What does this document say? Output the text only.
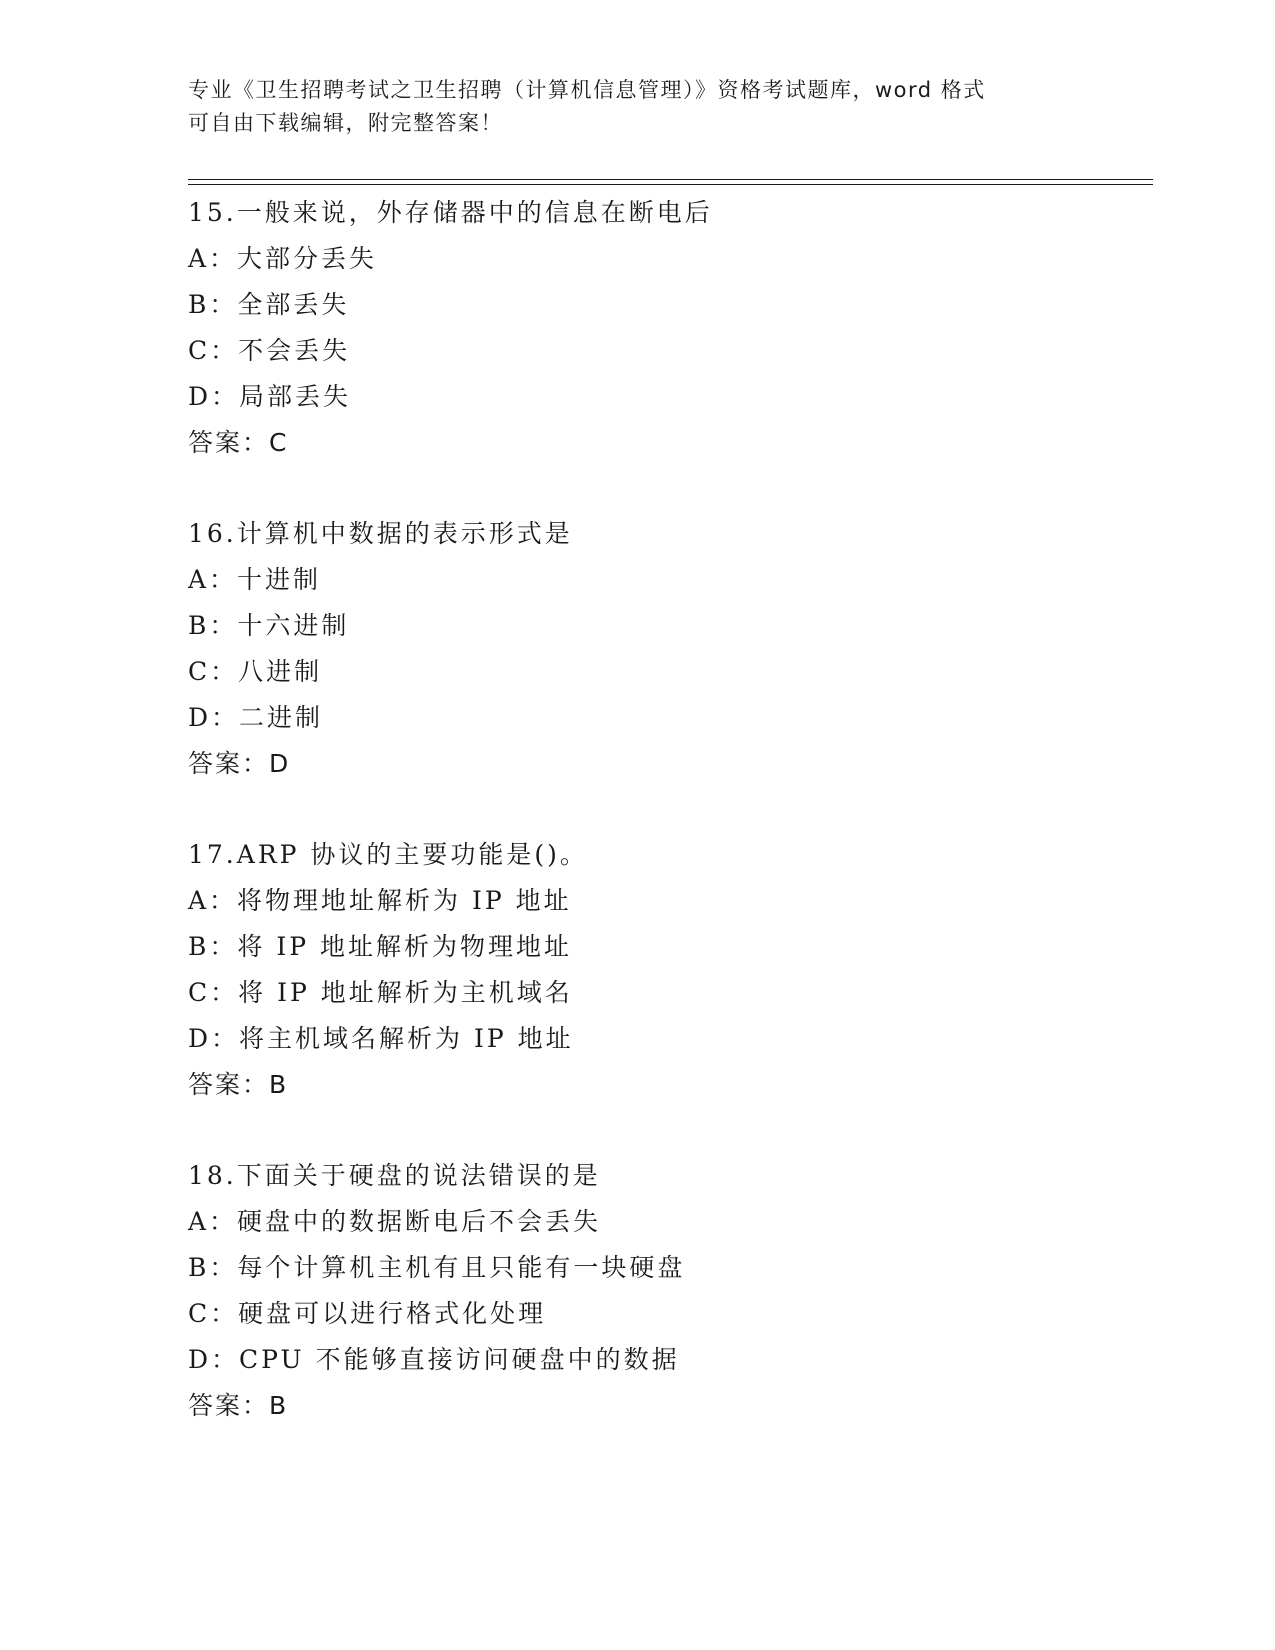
专业《卫生招聘考试之卫生招聘（计算机信息管理）》资格考试题库，word 格式
可自由下载编辑，附完整答案！
15.一般来说，外存储器中的信息在断电后
A：大部分丢失
B：全部丢失
C：不会丢失
D：局部丢失
答案：C
16.计算机中数据的表示形式是
A：十进制
B：十六进制
C：八进制
D：二进制
答案：D
17.ARP 协议的主要功能是()。
A：将物理地址解析为 IP 地址
B：将 IP 地址解析为物理地址
C：将 IP 地址解析为主机域名
D：将主机域名解析为 IP 地址
答案：B
18.下面关于硬盘的说法错误的是
A：硬盘中的数据断电后不会丢失
B：每个计算机主机有且只能有一块硬盘
C：硬盘可以进行格式化处理
D：CPU 不能够直接访问硬盘中的数据
答案：B
